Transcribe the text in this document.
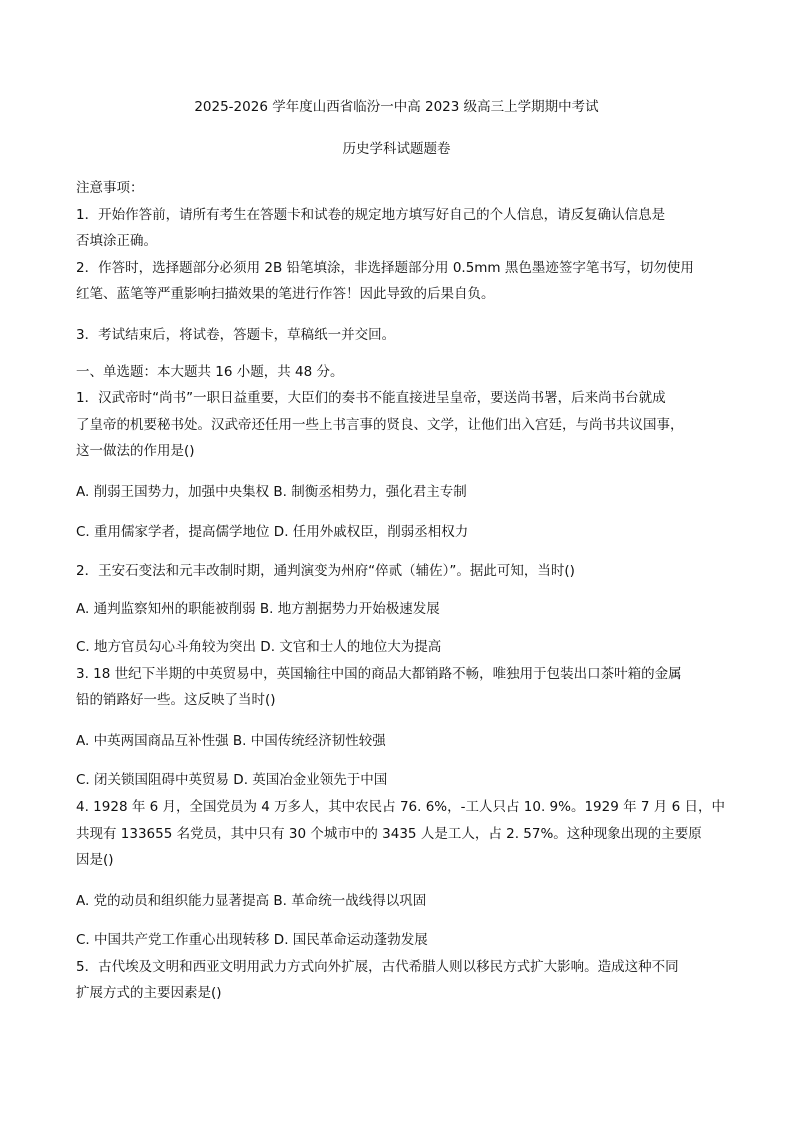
2025-2026 学年度山西省临汾一中高 2023 级高三上学期期中考试
历史学科试题题卷
注意事项：
1．开始作答前，请所有考生在答题卡和试卷的规定地方填写好自己的个人信息，请反复确认信息是
否填涂正确。
2．作答时，选择题部分必须用 2B 铅笔填涂，非选择题部分用 0.5mm 黑色墨迹签字笔书写，切勿使用
红笔、蓝笔等严重影响扫描效果的笔进行作答！因此导致的后果自负。
3．考试结束后，将试卷，答题卡，草稿纸一并交回。
一、单选题：本大题共 16 小题，共 48 分。
1．汉武帝时“尚书”一职日益重要，大臣们的奏书不能直接进呈皇帝，要送尚书署，后来尚书台就成
了皇帝的机要秘书处。汉武帝还任用一些上书言事的贤良、文学，让他们出入宫廷，与尚书共议国事，
这一做法的作用是()
A. 削弱王国势力，加强中央集权 B. 制衡丞相势力，强化君主专制
C. 重用儒家学者，提高儒学地位 D. 任用外戚权臣，削弱丞相权力
2．王安石变法和元丰改制时期，通判演变为州府“倅贰（辅佐）”。据此可知，当时()
A. 通判监察知州的职能被削弱 B. 地方割据势力开始极速发展
C. 地方官员勾心斗角较为突出 D. 文官和士人的地位大为提高
3. 18 世纪下半期的中英贸易中，英国输往中国的商品大都销路不畅，唯独用于包装出口茶叶箱的金属
铅的销路好一些。这反映了当时()
A. 中英两国商品互补性强 B. 中国传统经济韧性较强
C. 闭关锁国阻碍中英贸易 D. 英国冶金业领先于中国
4. 1928 年 6 月，全国党员为 4 万多人，其中农民占 76. 6%，-工人只占 10. 9%。1929 年 7 月 6 日，中
共现有 133655 名党员，其中只有 30 个城市中的 3435 人是工人，占 2. 57%。这种现象出现的主要原
因是()
A. 党的动员和组织能力显著提高 B. 革命统一战线得以巩固
C. 中国共产党工作重心出现转移 D. 国民革命运动蓬勃发展
5．古代埃及文明和西亚文明用武力方式向外扩展，古代希腊人则以移民方式扩大影响。造成这种不同
扩展方式的主要因素是()
